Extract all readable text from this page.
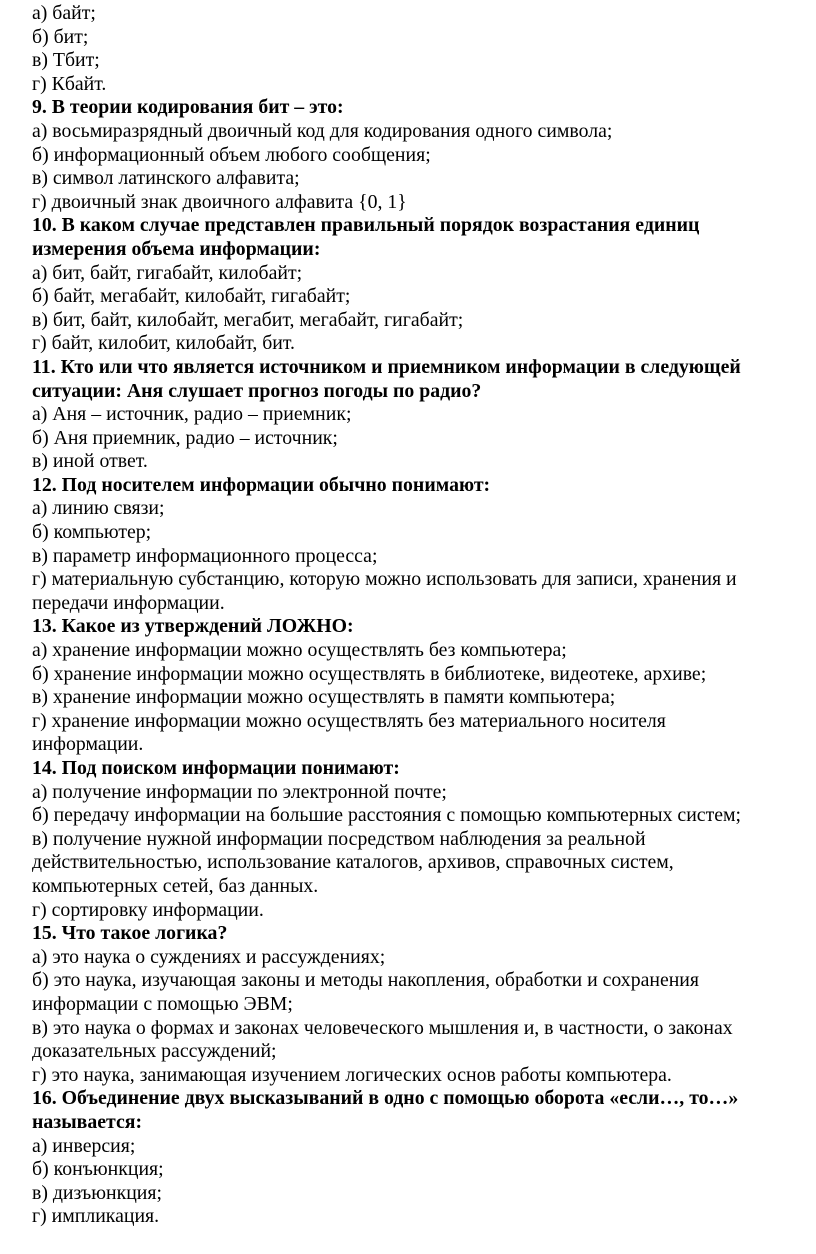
а) байт;
б) бит;
в) Тбит;
г) Кбайт.
9. В теории кодирования бит – это:
а) восьмиразрядный двоичный код для кодирования одного символа;
б) информационный объем любого сообщения;
в) символ латинского алфавита;
г) двоичный знак двоичного алфавита {0, 1}
10. В каком случае представлен правильный порядок возрастания единиц
измерения объема информации:
а) бит, байт, гигабайт, килобайт;
б) байт, мегабайт, килобайт, гигабайт;
в) бит, байт, килобайт, мегабит, мегабайт, гигабайт;
г) байт, килобит, килобайт, бит.
11. Кто или что является источником и приемником информации в следующей
ситуации: Аня слушает прогноз погоды по радио?
а) Аня – источник, радио – приемник;
б) Аня приемник, радио – источник;
в) иной ответ.
12. Под носителем информации обычно понимают:
а) линию связи;
б) компьютер;
в) параметр информационного процесса;
г) материальную субстанцию, которую можно использовать для записи, хранения и
передачи информации.
13. Какое из утверждений ЛОЖНО:
а) хранение информации можно осуществлять без компьютера;
б) хранение информации можно осуществлять в библиотеке, видеотеке, архиве;
в) хранение информации можно осуществлять в памяти компьютера;
г) хранение информации можно осуществлять без материального носителя
информации.
14. Под поиском информации понимают:
а) получение информации по электронной почте;
б) передачу информации на большие расстояния с помощью компьютерных систем;
в) получение нужной информации посредством наблюдения за реальной
действительностью, использование каталогов, архивов, справочных систем,
компьютерных сетей, баз данных.
г) сортировку информации.
15. Что такое логика?
а) это наука о суждениях и рассуждениях;
б) это наука, изучающая законы и методы накопления, обработки и сохранения
информации с помощью ЭВМ;
в) это наука о формах и законах человеческого мышления и, в частности, о законах
доказательных рассуждений;
г) это наука, занимающая изучением логических основ работы компьютера.
16. Объединение двух высказываний в одно с помощью оборота «если…, то…»
называется:
а) инверсия;
б) конъюнкция;
в) дизъюнкция;
г) импликация.
